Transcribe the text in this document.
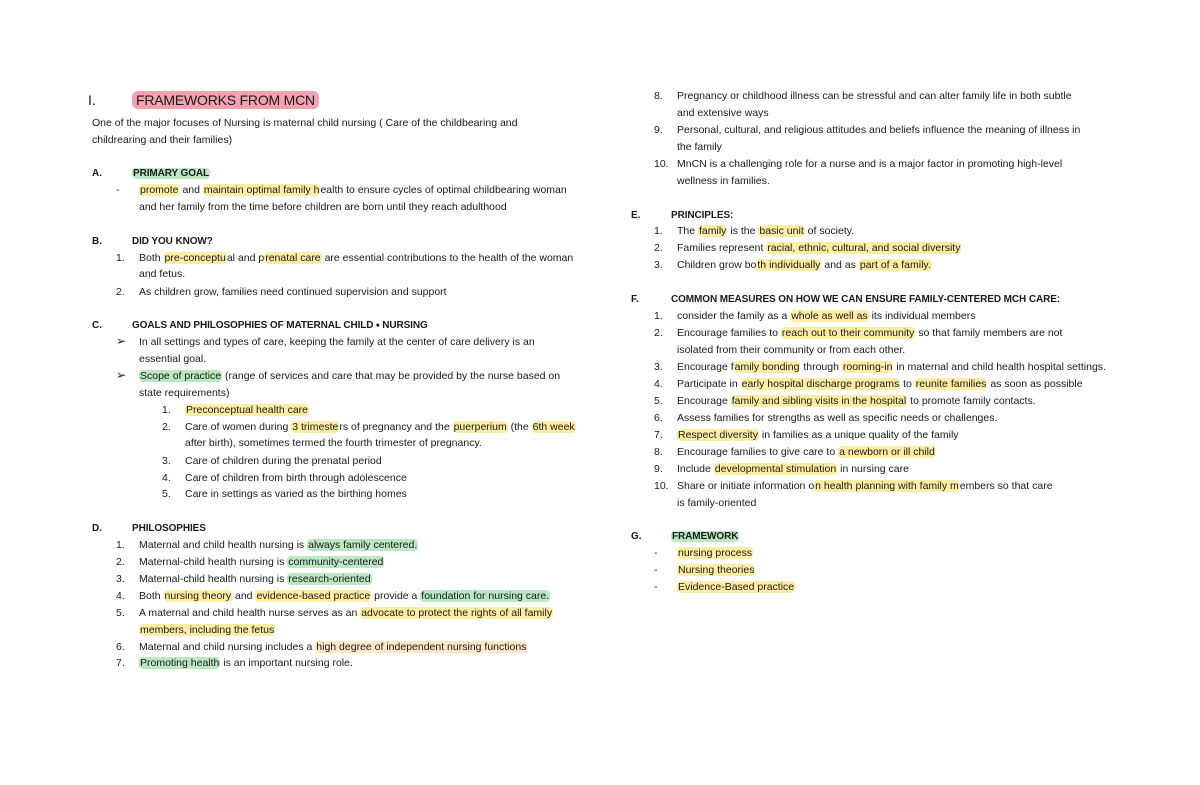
I.	FRAMEWORKS FROM MCN
One of the major focuses of Nursing is maternal child nursing ( Care of the childbearing and
childrearing and their families)
A.	PRIMARY GOAL
- promote and maintain optimal family health to ensure cycles of optimal childbearing woman
and her family from the time before children are born until they reach adulthood
B.	DID YOU KNOW?
1. Both pre-conceptual and prenatal care are essential contributions to the health of the woman
and fetus.
2. As children grow, families need continued supervision and support
C.	GOALS AND PHILOSOPHIES OF MATERNAL CHILD ⬩ NURSING
➢ In all settings and types of care, keeping the family at the center of care delivery is an
essential goal.
➢ Scope of practice (range of services and care that may be provided by the nurse based on
state requirements)
1. Preconceptual health care
2. Care of women during 3 trimesters of pregnancy and the puerperium (the 6th week
after birth), sometimes termed the fourth trimester of pregnancy.
3. Care of children during the prenatal period
4. Care of children from birth through adolescence
5. Care in settings as varied as the birthing homes
D.	PHILOSOPHIES
1. Maternal and child health nursing is always family centered.
2. Maternal-child health nursing is community-centered
3. Maternal-child health nursing is research-oriented
4. Both nursing theory and evidence-based practice provide a foundation for nursing care.
5. A maternal and child health nurse serves as an advocate to protect the rights of all family
members, including the fetus
6. Maternal and child nursing includes a high degree of independent nursing functions
7. Promoting health is an important nursing role.
8. Pregnancy or childhood illness can be stressful and can alter family life in both subtle
and extensive ways
9. Personal, cultural, and religious attitudes and beliefs influence the meaning of illness in
the family
10. MnCN is a challenging role for a nurse and is a major factor in promoting high-level
wellness in families.
E.	PRINCIPLES:
1. The family is the basic unit of society.
2. Families represent racial, ethnic, cultural, and social diversity
3. Children grow both individually and as part of a family.
F.	COMMON MEASURES ON HOW WE CAN ENSURE FAMILY-CENTERED MCH CARE:
1. consider the family as a whole as well as its individual members
2. Encourage families to reach out to their community so that family members are not
isolated from their community or from each other.
3. Encourage family bonding through rooming-in in maternal and child health hospital settings.
4. Participate in early hospital discharge programs to reunite families as soon as possible
5. Encourage family and sibling visits in the hospital to promote family contacts.
6. Assess families for strengths as well as specific needs or challenges.
7. Respect diversity in families as a unique quality of the family
8. Encourage families to give care to a newborn or ill child
9. Include developmental stimulation in nursing care
10. Share or initiate information on health planning with family members so that care
is family-oriented
G.	FRAMEWORK
- nursing process
- Nursing theories
- Evidence-Based practice
